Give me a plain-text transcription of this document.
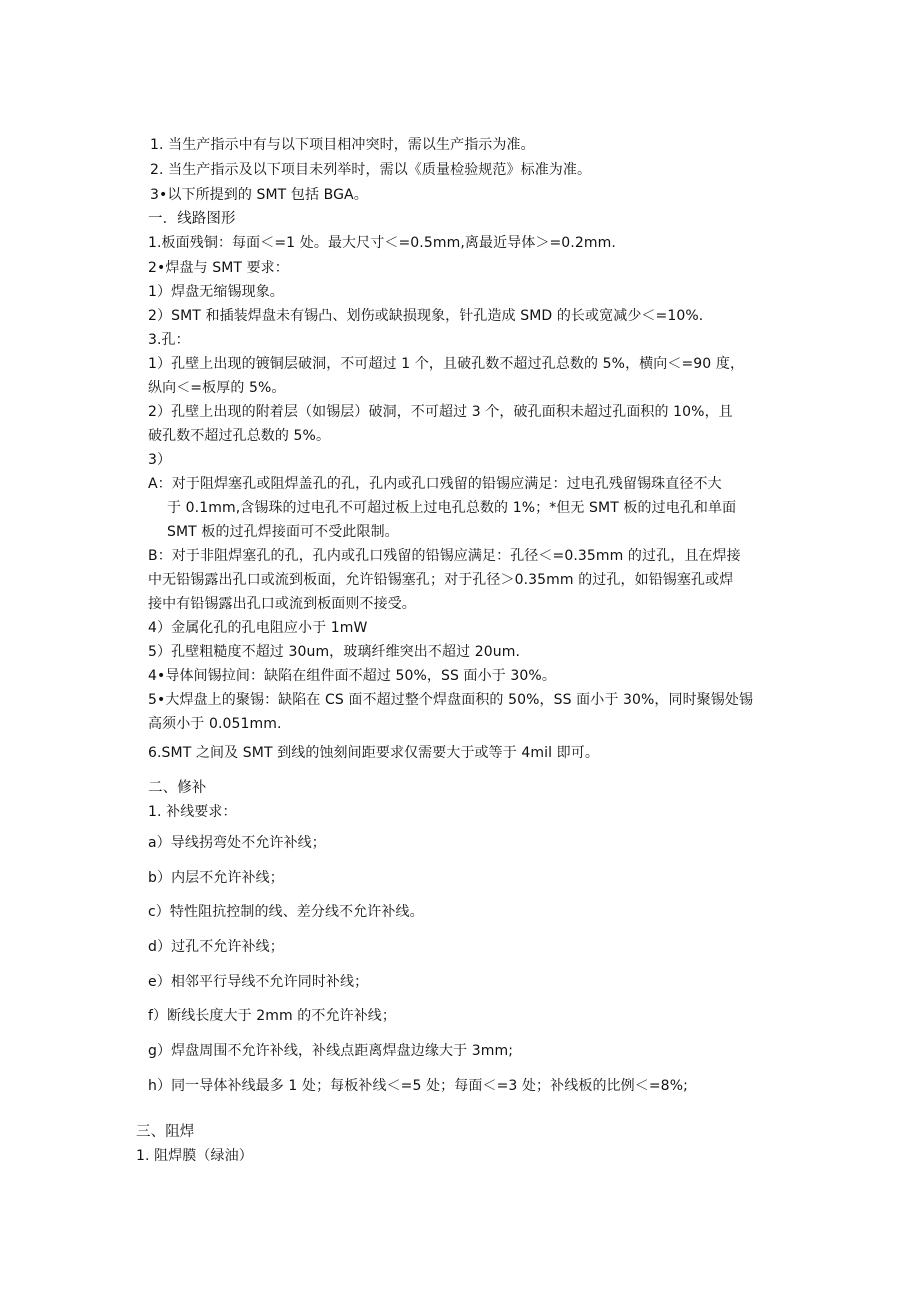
1. 当生产指示中有与以下项目相冲突时，需以生产指示为准。
2. 当生产指示及以下项目未列举时，需以《质量检验规范》标准为准。
3•以下所提到的 SMT 包括 BGA。
一．线路图形
1.板面残铜：每面＜=1 处。最大尺寸＜=0.5mm,离最近导体＞=0.2mm.
2•焊盘与 SMT 要求：
1）焊盘无缩锡现象。
2）SMT 和插装焊盘未有锡凸、划伤或缺损现象，针孔造成 SMD 的长或宽减少＜=10%.
3.孔：
1）孔壁上出现的镀铜层破洞，不可超过 1 个，且破孔数不超过孔总数的 5%，横向＜=90 度，
纵向＜=板厚的 5%。
2）孔壁上出现的附着层（如锡层）破洞，不可超过 3 个，破孔面积未超过孔面积的 10%，且
破孔数不超过孔总数的 5%。
3）
A：对于阻焊塞孔或阻焊盖孔的孔，孔内或孔口残留的铅锡应满足：过电孔残留锡珠直径不大
于 0.1mm,含锡珠的过电孔不可超过板上过电孔总数的 1%；*但无 SMT 板的过电孔和单面
SMT 板的过孔焊接面可不受此限制。
B：对于非阻焊塞孔的孔，孔内或孔口残留的铅锡应满足：孔径＜=0.35mm 的过孔，且在焊接
中无铅锡露出孔口或流到板面，允许铅锡塞孔；对于孔径＞0.35mm 的过孔，如铅锡塞孔或焊
接中有铅锡露出孔口或流到板面则不接受。
4）金属化孔的孔电阻应小于 1mW
5）孔壁粗糙度不超过 30um，玻璃纤维突出不超过 20um.
4•导体间锡拉间：缺陷在组件面不超过 50%，SS 面小于 30%。
5•大焊盘上的聚锡：缺陷在 CS 面不超过整个焊盘面积的 50%，SS 面小于 30%，同时聚锡处锡
高须小于 0.051mm.
6.SMT 之间及 SMT 到线的蚀刻间距要求仅需要大于或等于 4mil 即可。
二、修补
1. 补线要求：
a）导线拐弯处不允许补线；
b）内层不允许补线；
c）特性阻抗控制的线、差分线不允许补线。
d）过孔不允许补线；
e）相邻平行导线不允许同时补线；
f）断线长度大于 2mm 的不允许补线；
g）焊盘周围不允许补线，补线点距离焊盘边缘大于 3mm;
h）同一导体补线最多 1 处；每板补线＜=5 处；每面＜=3 处；补线板的比例＜=8%;
三、阻焊
1. 阻焊膜（绿油）
